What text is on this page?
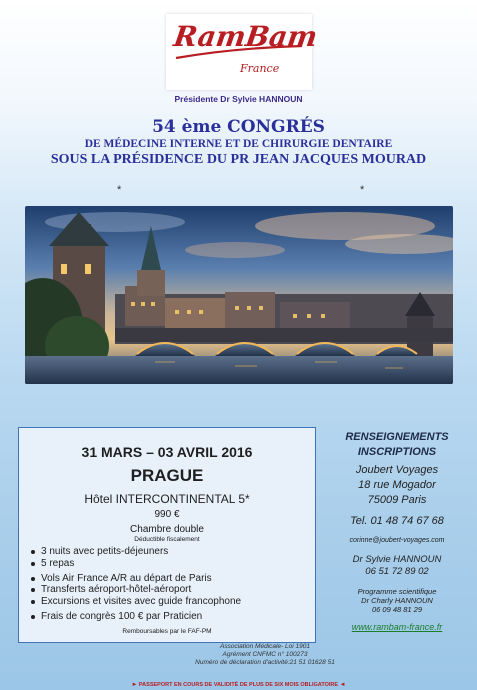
RamBam
France
Présidente Dr Sylvie HANNOUN
54 ème CONGRÉS
DE MÉDECINE INTERNE ET DE CHIRURGIE DENTAIRE
SOUS LA PRÉSIDENCE DU PR JEAN JACQUES MOURAD
*	*
31 MARS – 03 AVRIL 2016
PRAGUE
Hôtel INTERCONTINENTAL 5*
990 €
Chambre double
Déductible fiscalement
3 nuits avec petits-déjeuners
5 repas
Vols Air France A/R au départ de Paris
Transferts aéroport-hôtel-aéroport
Excursions et visites avec guide francophone
Frais de congrès 100 € par Praticien
Remboursables par le FAF-PM
Association Médicale- Loi 1901
Agrément CNFMC n° 100273
Numéro de déclaration d'activité:21 51 01628 51
RENSEIGNEMENTS
INSCRIPTIONS
Joubert Voyages
18 rue Mogador
75009 Paris
Tel. 01 48 74 67 68
corinne@joubert-voyages.com
Dr Sylvie HANNOUN
06 51 72 89 02
Programme scientifique
Dr Charly HANNOUN
06 09 48 81 29
www.rambam-france.fr
► PASSEPORT EN COURS DE VALIDITÉ DE PLUS DE SIX MOIS OBLIGATOIRE ◄
